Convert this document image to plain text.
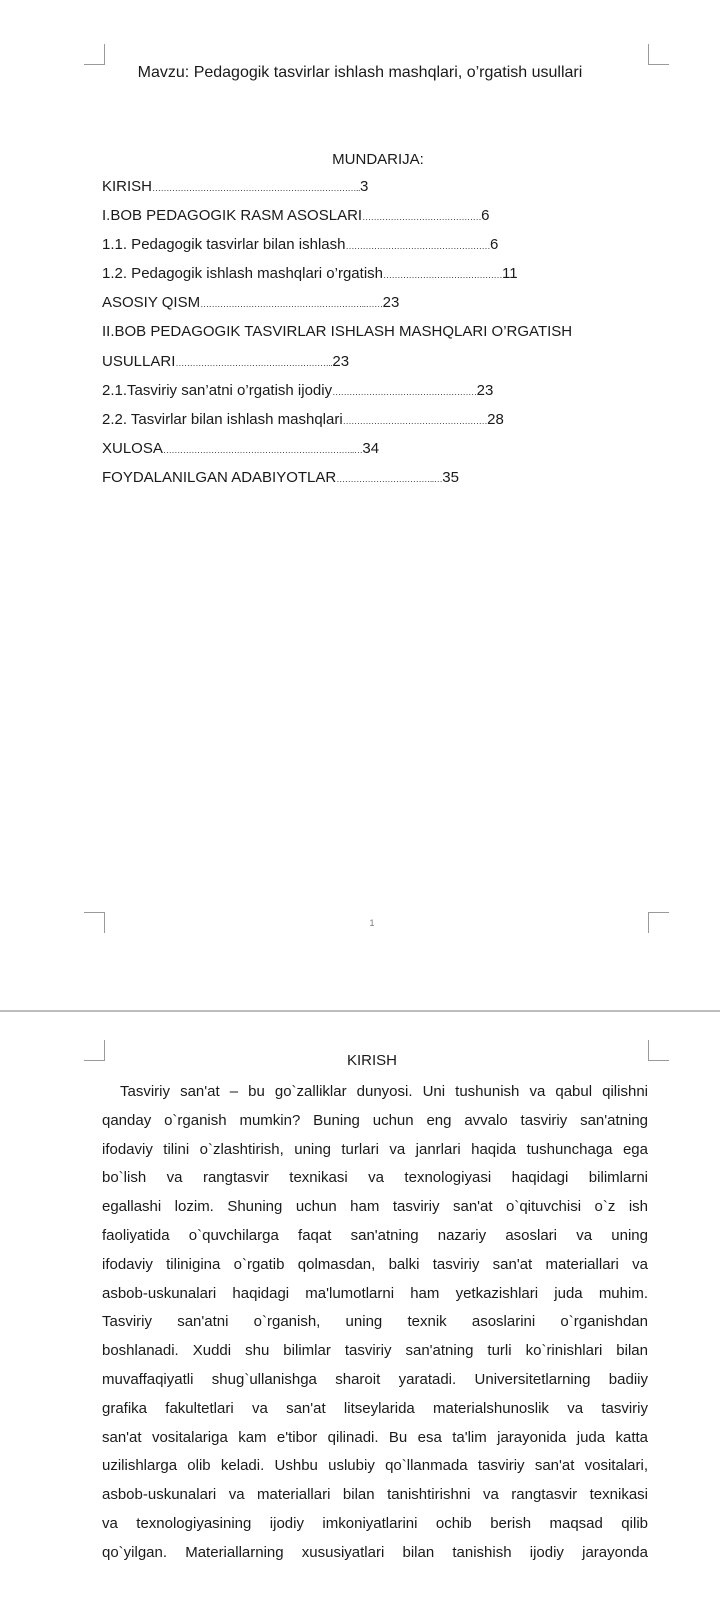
Mavzu: Pedagogik tasvirlar ishlash mashqlari, o’rgatish usullari
MUNDARIJA:
KIRISH ……………………………………………………………….. 3
I.BOB PEDAGOGIK RASM ASOSLARI …………………………………… 6
1.1. Pedagogik tasvirlar bilan ishlash …………………………………………… 6
1.2. Pedagogik ishlash mashqlari o’rgatish …………………………………… 11
ASOSIY QISM …………………………………………………..…… 23
II.BOB PEDAGOGIK TASVIRLAR ISHLASH MASHQLARI O’RGATISH
USULLARI ……………………………………………….. 23
2.1.Tasviriy san’atni o’rgatish ijodiy …………………………………………… 23
2.2. Tasvirlar bilan ishlash mashqlari …………………………………………… 28
XULOSA …………………………………………………………..… 34
FOYDALANILGAN ADABIYOTLAR ……………………………..… 35
1
KIRISH
Tasviriy san'at – bu go`zalliklar dunyosi. Uni tushunish va qabul qilishni
qanday o`rganish mumkin? Buning uchun eng avvalo tasviriy san'atning
ifodaviy tilini o`zlashtirish, uning turlari va janrlari haqida tushunchaga ega
bo`lish va rangtasvir texnikasi va texnologiyasi haqidagi bilimlarni
egallashi lozim. Shuning uchun ham tasviriy san'at o`qituvchisi o`z ish
faoliyatida o`quvchilarga faqat san'atning nazariy asoslari va uning
ifodaviy tilinigina o`rgatib qolmasdan, balki tasviriy san'at materiallari va
asbob-uskunalari haqidagi ma'lumotlarni ham yetkazishlari juda muhim.
Tasviriy san'atni o`rganish, uning texnik asoslarini o`rganishdan
boshlanadi. Xuddi shu bilimlar tasviriy san'atning turli ko`rinishlari bilan
muvaffaqiyatli shug`ullanishga sharoit yaratadi. Universitetlarning badiiy
grafika fakultetlari va san'at litseylarida materialshunoslik va tasviriy
san'at vositalariga kam e'tibor qilinadi. Bu esa ta'lim jarayonida juda katta
uzilishlarga olib keladi. Ushbu uslubiy qo`llanmada tasviriy san'at vositalari,
asbob-uskunalari va materiallari bilan tanishtirishni va rangtasvir texnikasi
va texnologiyasining ijodiy imkoniyatlarini ochib berish maqsad qilib
qo`yilgan. Materiallarning xususiyatlari bilan tanishish ijodiy jarayonda
